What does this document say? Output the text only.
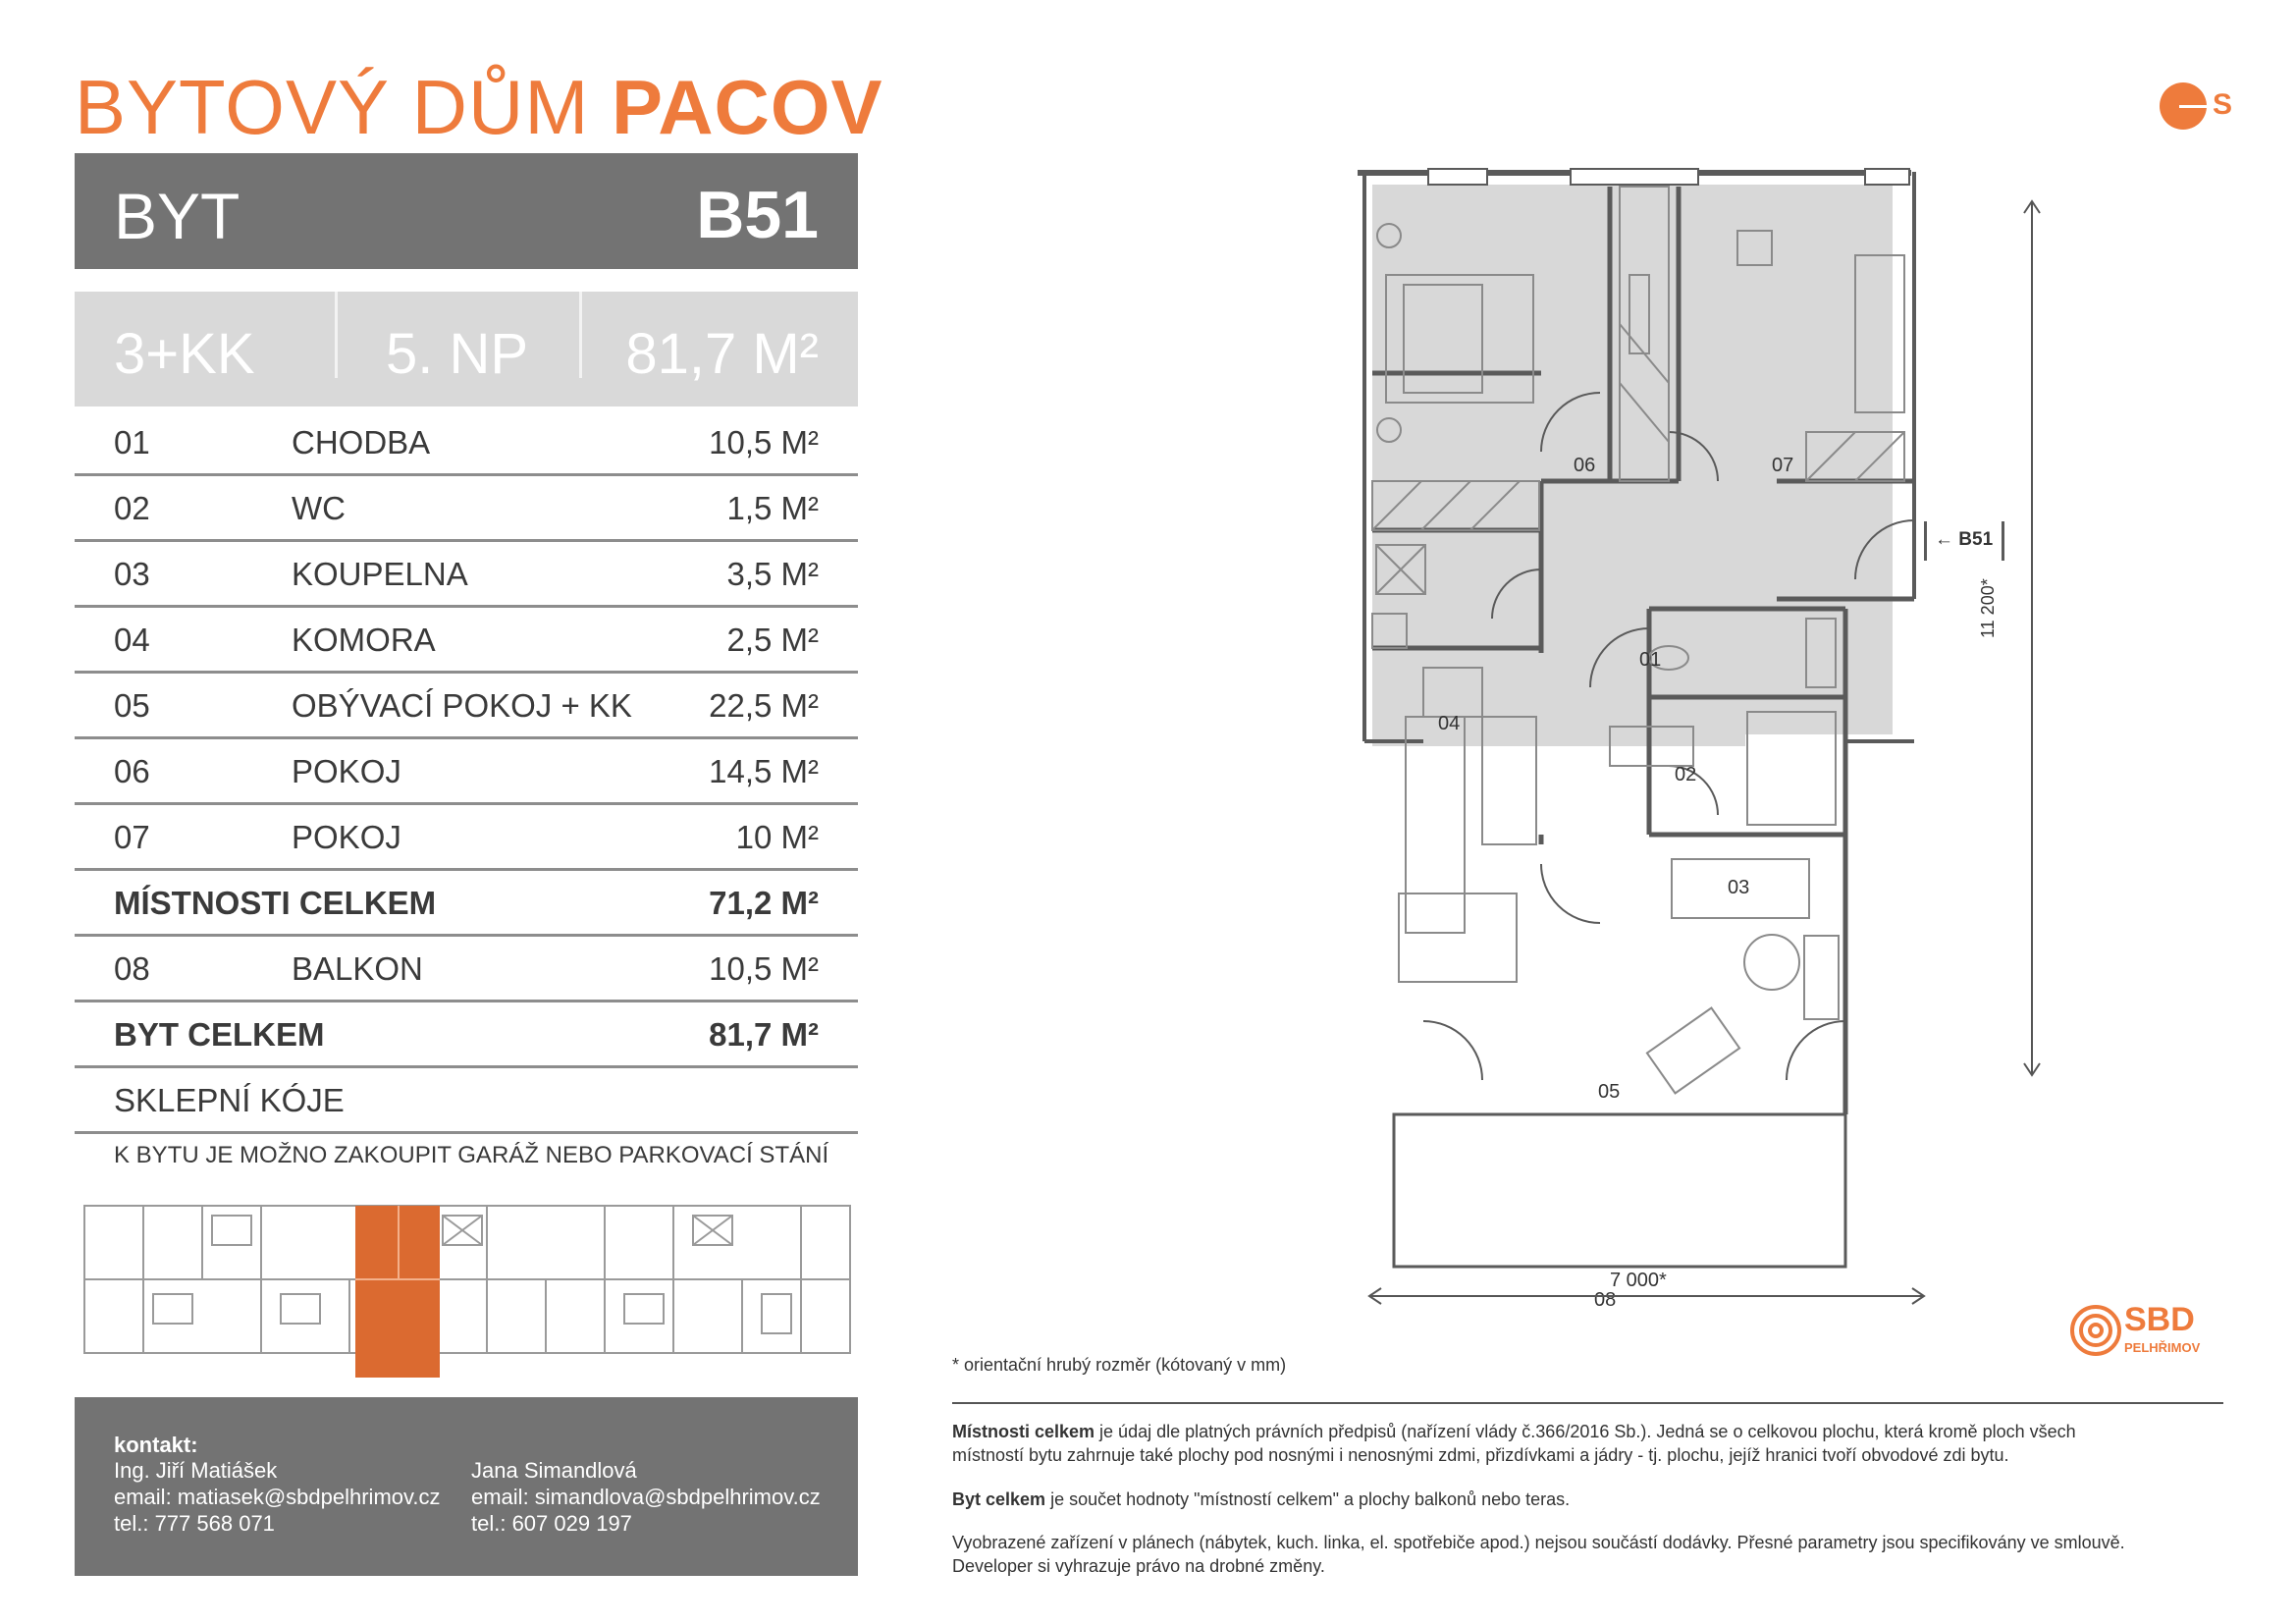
BYTOVÝ DŮM PACOV	S
BYT	B51
3+KK 5. NP 81,7 M²
01	CHODBA	10,5 M²
02	WC	1,5 M²
03	KOUPELNA	3,5 M²
04	KOMORA	2,5 M²
05	OBÝVACÍ POKOJ + KK 22,5 M²
06	POKOJ	14,5 M²
07	POKOJ	10 M²
MÍSTNOSTI CELKEM	71,2 M²
08	BALKON	10,5 M²
BYT CELKEM	81,7 M²
SKLEPNÍ KÓJE
K BYTU JE MOŽNO ZAKOUPIT GARÁŽ NEBO PARKOVACÍ STÁNÍ
kontakt:
Ing. Jiří Matiášek
email: matiasek@sbdpelhrimov.cz
tel.: 777 568 071
Jana Simandlová
email: simandlova@sbdpelhrimov.cz
tel.: 607 029 197
06	07
01
04
02
03
05
08
← B51
11 200*
7 000*
SBD
PELHŘIMOV
* orientační hrubý rozměr (kótovaný v mm)
Místnosti celkem je údaj dle platných právních předpisů (nařízení vlády č.366/2016 Sb.). Jedná se o celkovou plochu, která kromě ploch všech
místností bytu zahrnuje také plochy pod nosnými i nenosnými zdmi, přizdívkami a jádry - tj. plochu, jejíž hranici tvoří obvodové zdi bytu.
Byt celkem je součet hodnoty "místností celkem" a plochy balkonů nebo teras.
Vyobrazené zařízení v plánech (nábytek, kuch. linka, el. spotřebiče apod.) nejsou součástí dodávky. Přesné parametry jsou specifikovány ve smlouvě.
Developer si vyhrazuje právo na drobné změny.
